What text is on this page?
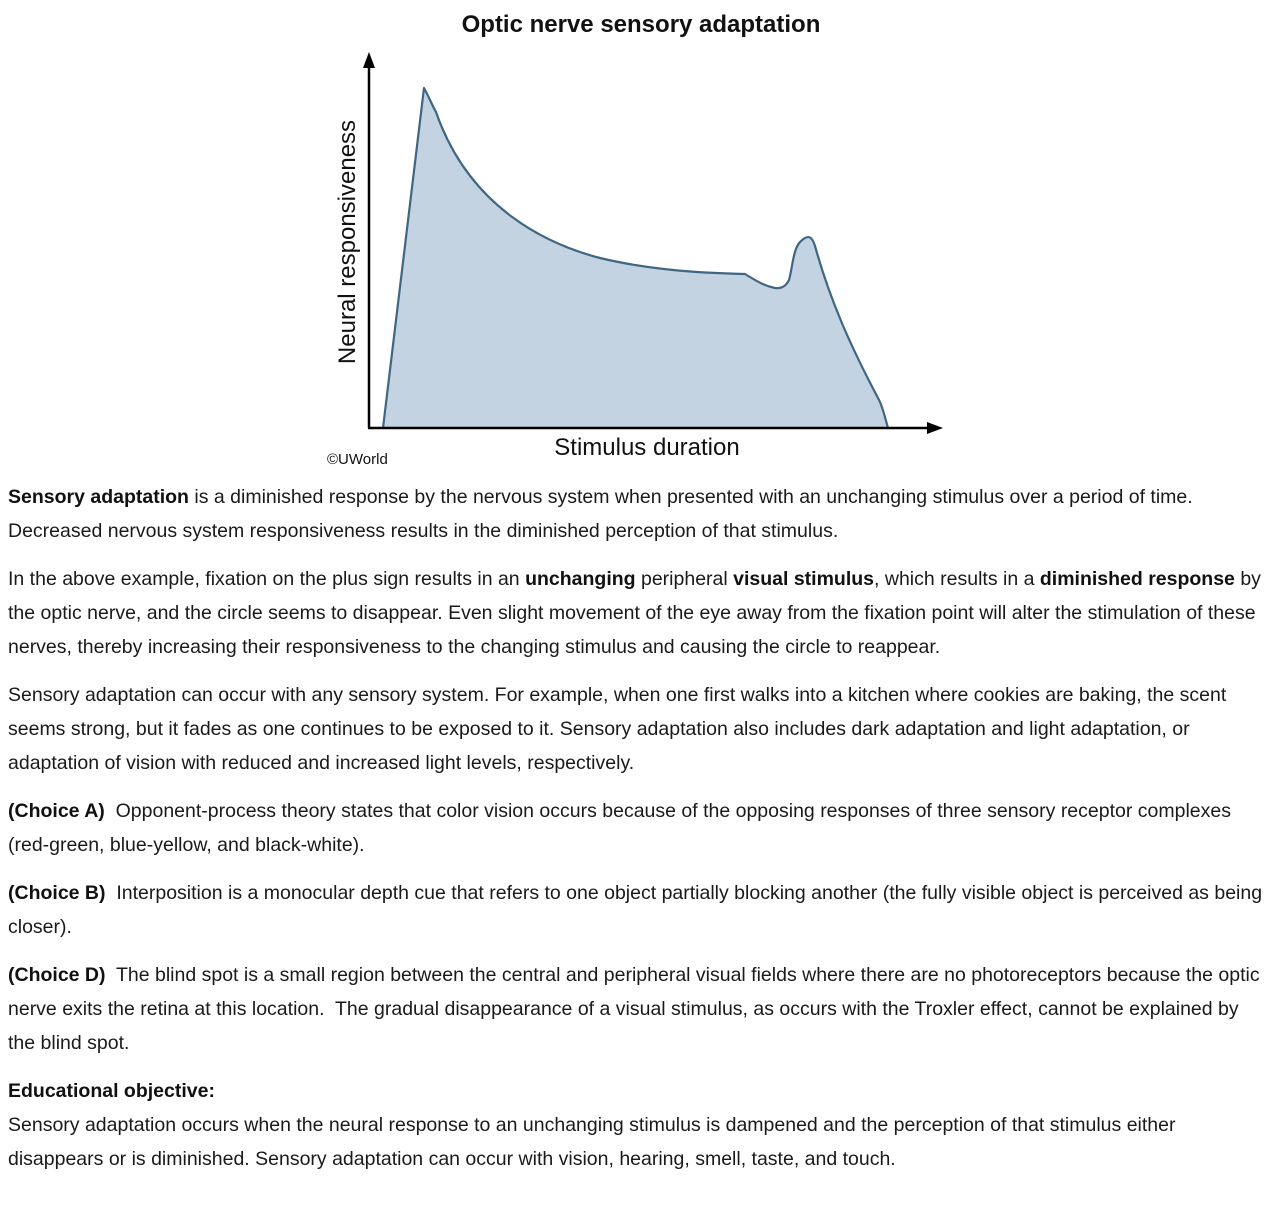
Optic nerve sensory adaptation
Neural responsiveness
Stimulus duration
©UWorld

Sensory adaptation is a diminished response by the nervous system when presented with an unchanging stimulus over a period of time. Decreased nervous system responsiveness results in the diminished perception of that stimulus.

In the above example, fixation on the plus sign results in an unchanging peripheral visual stimulus, which results in a diminished response by the optic nerve, and the circle seems to disappear. Even slight movement of the eye away from the fixation point will alter the stimulation of these nerves, thereby increasing their responsiveness to the changing stimulus and causing the circle to reappear.

Sensory adaptation can occur with any sensory system. For example, when one first walks into a kitchen where cookies are baking, the scent seems strong, but it fades as one continues to be exposed to it. Sensory adaptation also includes dark adaptation and light adaptation, or adaptation of vision with reduced and increased light levels, respectively.

(Choice A)  Opponent-process theory states that color vision occurs because of the opposing responses of three sensory receptor complexes (red-green, blue-yellow, and black-white).

(Choice B)  Interposition is a monocular depth cue that refers to one object partially blocking another (the fully visible object is perceived as being closer).

(Choice D)  The blind spot is a small region between the central and peripheral visual fields where there are no photoreceptors because the optic nerve exits the retina at this location.  The gradual disappearance of a visual stimulus, as occurs with the Troxler effect, cannot be explained by the blind spot.

Educational objective:

Sensory adaptation occurs when the neural response to an unchanging stimulus is dampened and the perception of that stimulus either disappears or is diminished. Sensory adaptation can occur with vision, hearing, smell, taste, and touch.
